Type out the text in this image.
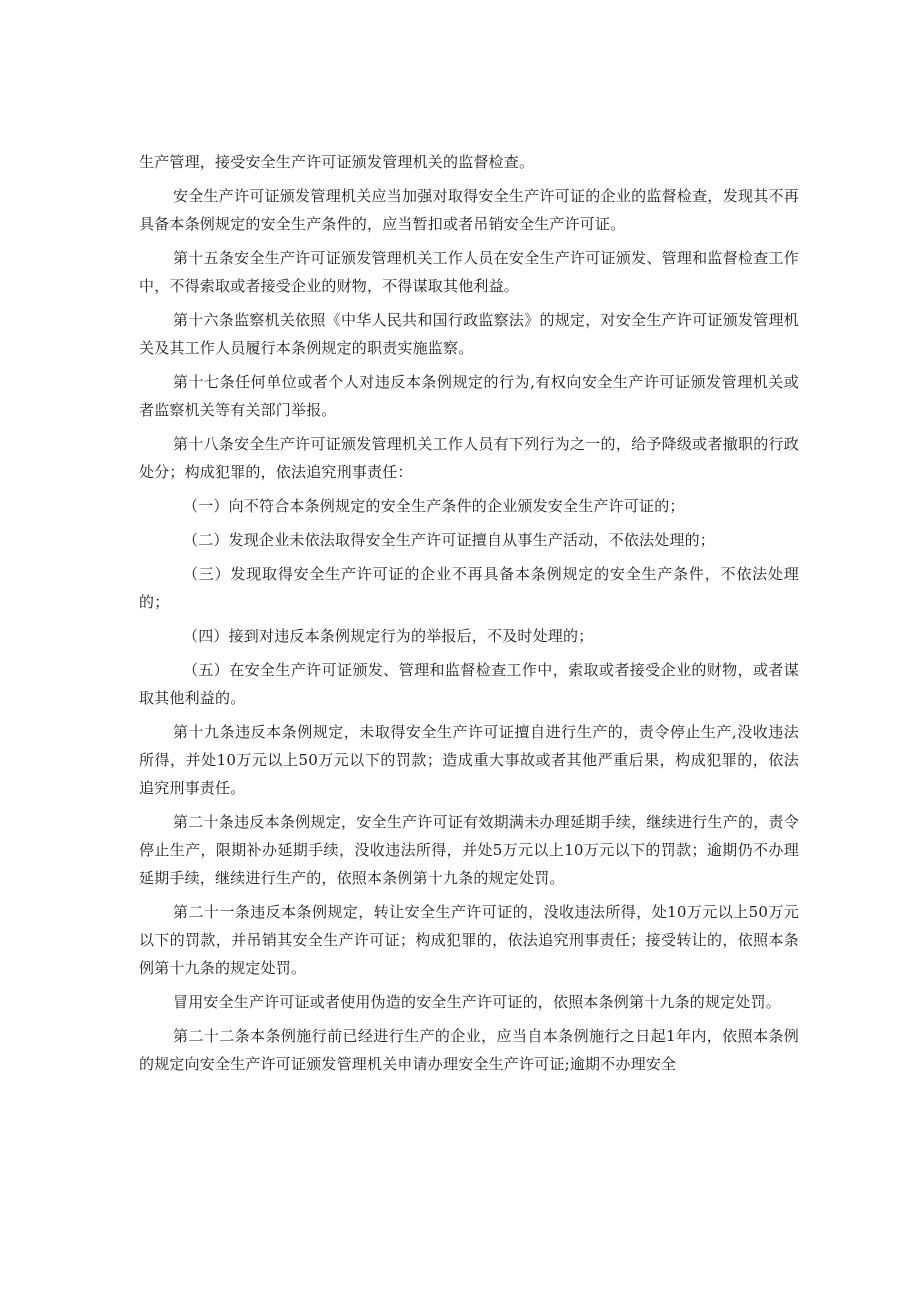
生产管理，接受安全生产许可证颁发管理机关的监督检查。

安全生产许可证颁发管理机关应当加强对取得安全生产许可证的企业的监督检查，发现其不再具备本条例规定的安全生产条件的，应当暂扣或者吊销安全生产许可证。

第十五条安全生产许可证颁发管理机关工作人员在安全生产许可证颁发、管理和监督检查工作中，不得索取或者接受企业的财物，不得谋取其他利益。

第十六条监察机关依照《中华人民共和国行政监察法》的规定，对安全生产许可证颁发管理机关及其工作人员履行本条例规定的职责实施监察。

第十七条任何单位或者个人对违反本条例规定的行为,有权向安全生产许可证颁发管理机关或者监察机关等有关部门举报。

第十八条安全生产许可证颁发管理机关工作人员有下列行为之一的，给予降级或者撤职的行政处分；构成犯罪的，依法追究刑事责任：

（一）向不符合本条例规定的安全生产条件的企业颁发安全生产许可证的；

（二）发现企业未依法取得安全生产许可证擅自从事生产活动，不依法处理的；

（三）发现取得安全生产许可证的企业不再具备本条例规定的安全生产条件，不依法处理的；

（四）接到对违反本条例规定行为的举报后，不及时处理的；

（五）在安全生产许可证颁发、管理和监督检查工作中，索取或者接受企业的财物，或者谋取其他利益的。

第十九条违反本条例规定，未取得安全生产许可证擅自进行生产的，责令停止生产,没收违法所得，并处10万元以上50万元以下的罚款；造成重大事故或者其他严重后果，构成犯罪的，依法追究刑事责任。

第二十条违反本条例规定，安全生产许可证有效期满未办理延期手续，继续进行生产的，责令停止生产，限期补办延期手续，没收违法所得，并处5万元以上10万元以下的罚款；逾期仍不办理延期手续，继续进行生产的，依照本条例第十九条的规定处罚。

第二十一条违反本条例规定，转让安全生产许可证的，没收违法所得，处10万元以上50万元以下的罚款，并吊销其安全生产许可证；构成犯罪的，依法追究刑事责任；接受转让的，依照本条例第十九条的规定处罚。

冒用安全生产许可证或者使用伪造的安全生产许可证的，依照本条例第十九条的规定处罚。

第二十二条本条例施行前已经进行生产的企业，应当自本条例施行之日起1年内，依照本条例的规定向安全生产许可证颁发管理机关申请办理安全生产许可证;逾期不办理安全
